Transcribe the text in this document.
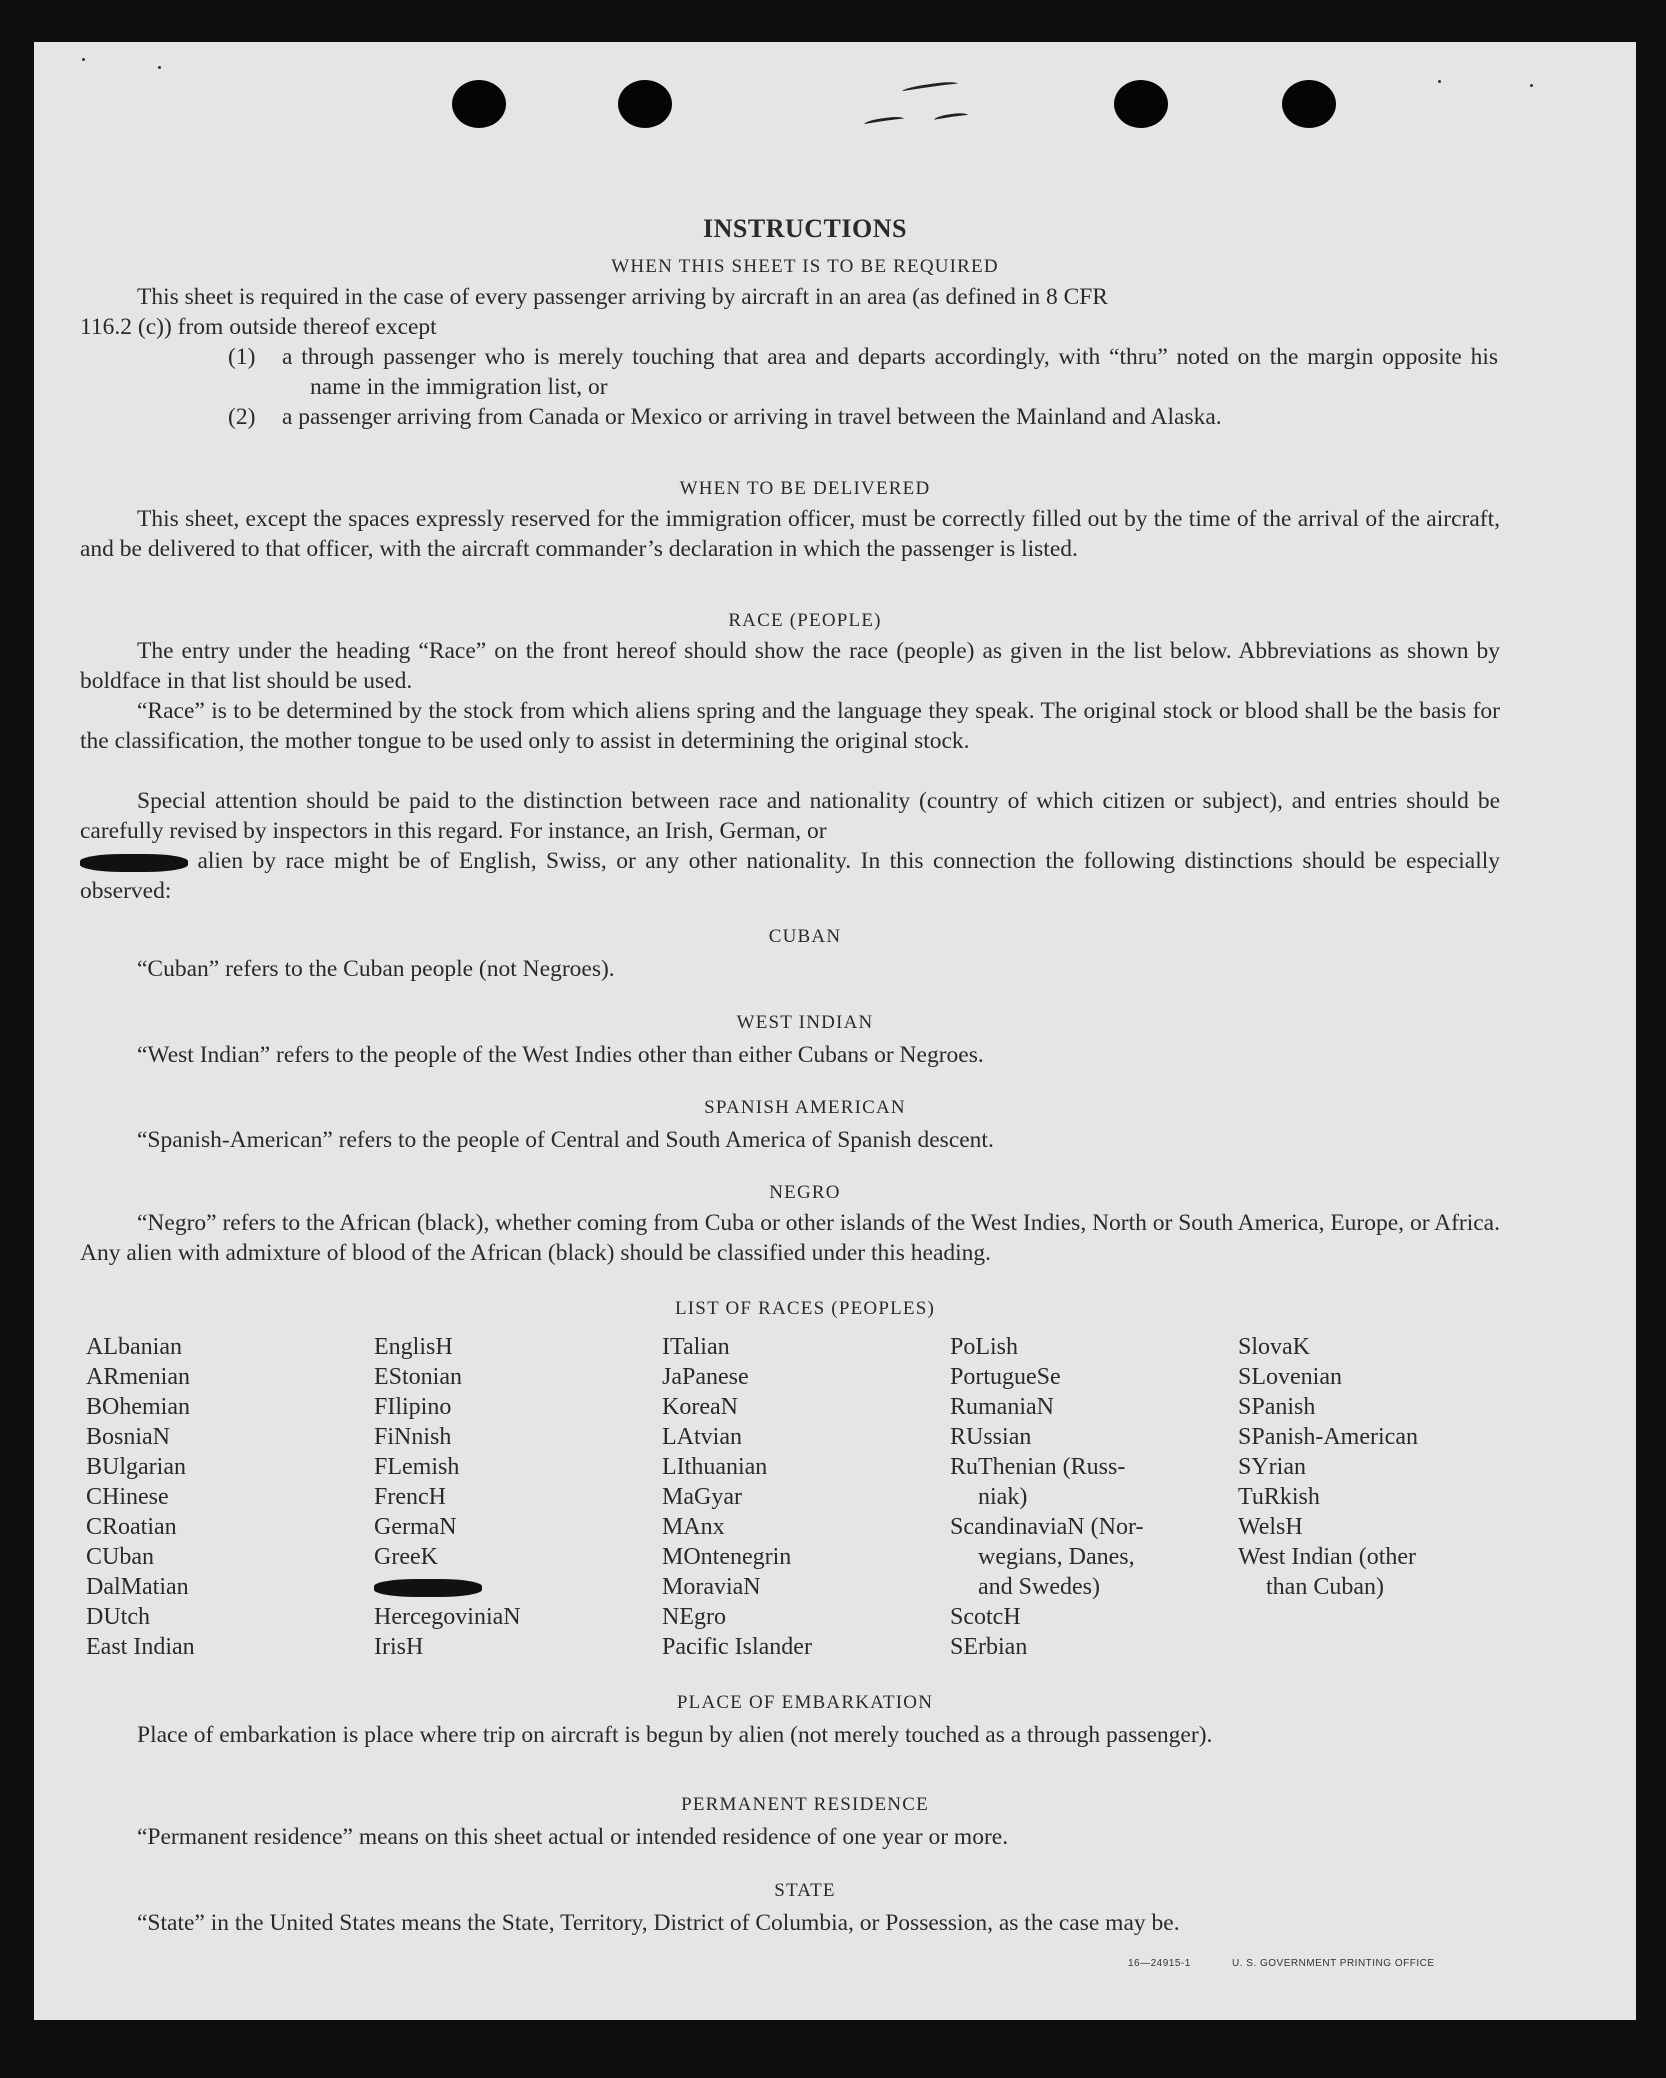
INSTRUCTIONS
WHEN THIS SHEET IS TO BE REQUIRED
This sheet is required in the case of every passenger arriving by aircraft in an area (as defined in 8 CFR
116.2 (c)) from outside thereof except
(1) a through passenger who is merely touching that area and departs accordingly, with “thru” noted on the margin opposite his name in the immigration list, or
(2) a passenger arriving from Canada or Mexico or arriving in travel between the Mainland and Alaska.
WHEN TO BE DELIVERED
This sheet, except the spaces expressly reserved for the immigration officer, must be correctly filled out by the time of the arrival of the aircraft, and be delivered to that officer, with the aircraft commander’s declaration in which the passenger is listed.
RACE (PEOPLE)
The entry under the heading “Race” on the front hereof should show the race (people) as given in the list below. Abbreviations as shown by boldface in that list should be used.
“Race” is to be determined by the stock from which aliens spring and the language they speak. The original stock or blood shall be the basis for the classification, the mother tongue to be used only to assist in determining the original stock.
Special attention should be paid to the distinction between race and nationality (country of which citizen or subject), and entries should be carefully revised by inspectors in this regard. For instance, an Irish, German, or
alien by race might be of English, Swiss, or any other nationality. In this connection the following distinctions should be especially observed:
CUBAN
“Cuban” refers to the Cuban people (not Negroes).
WEST INDIAN
“West Indian” refers to the people of the West Indies other than either Cubans or Negroes.
SPANISH AMERICAN
“Spanish-American” refers to the people of Central and South America of Spanish descent.
NEGRO
“Negro” refers to the African (black), whether coming from Cuba or other islands of the West Indies, North or South America, Europe, or Africa. Any alien with admixture of blood of the African (black) should be classified under this heading.
LIST OF RACES (PEOPLES)
ALbanian
ARmenian
BOhemian
BosniaN
BUlgarian
CHinese
CRoatian
CUban
DalMatian
DUtch
East Indian
EnglisH
EStonian
FIlipino
FiNnish
FLemish
FrencH
GermaN
GreeK
HercegoviniaN
IrisH
ITalian
JaPanese
KoreaN
LAtvian
LIthuanian
MaGyar
MAnx
MOntenegrin
MoraviaN
NEgro
Pacific Islander
PoLish
PortugueSe
RumaniaN
RUssian
RuThenian (Russ-
niak)
ScandinaviaN (Nor-
wegians, Danes,
and Swedes)
ScotcH
SErbian
SlovaK
SLovenian
SPanish
SPanish-American
SYrian
TuRkish
WelsH
West Indian (other
than Cuban)
PLACE OF EMBARKATION
Place of embarkation is place where trip on aircraft is begun by alien (not merely touched as a through passenger).
PERMANENT RESIDENCE
“Permanent residence” means on this sheet actual or intended residence of one year or more.
STATE
“State” in the United States means the State, Territory, District of Columbia, or Possession, as the case may be.
16—24915-1	U. S. GOVERNMENT PRINTING OFFICE
